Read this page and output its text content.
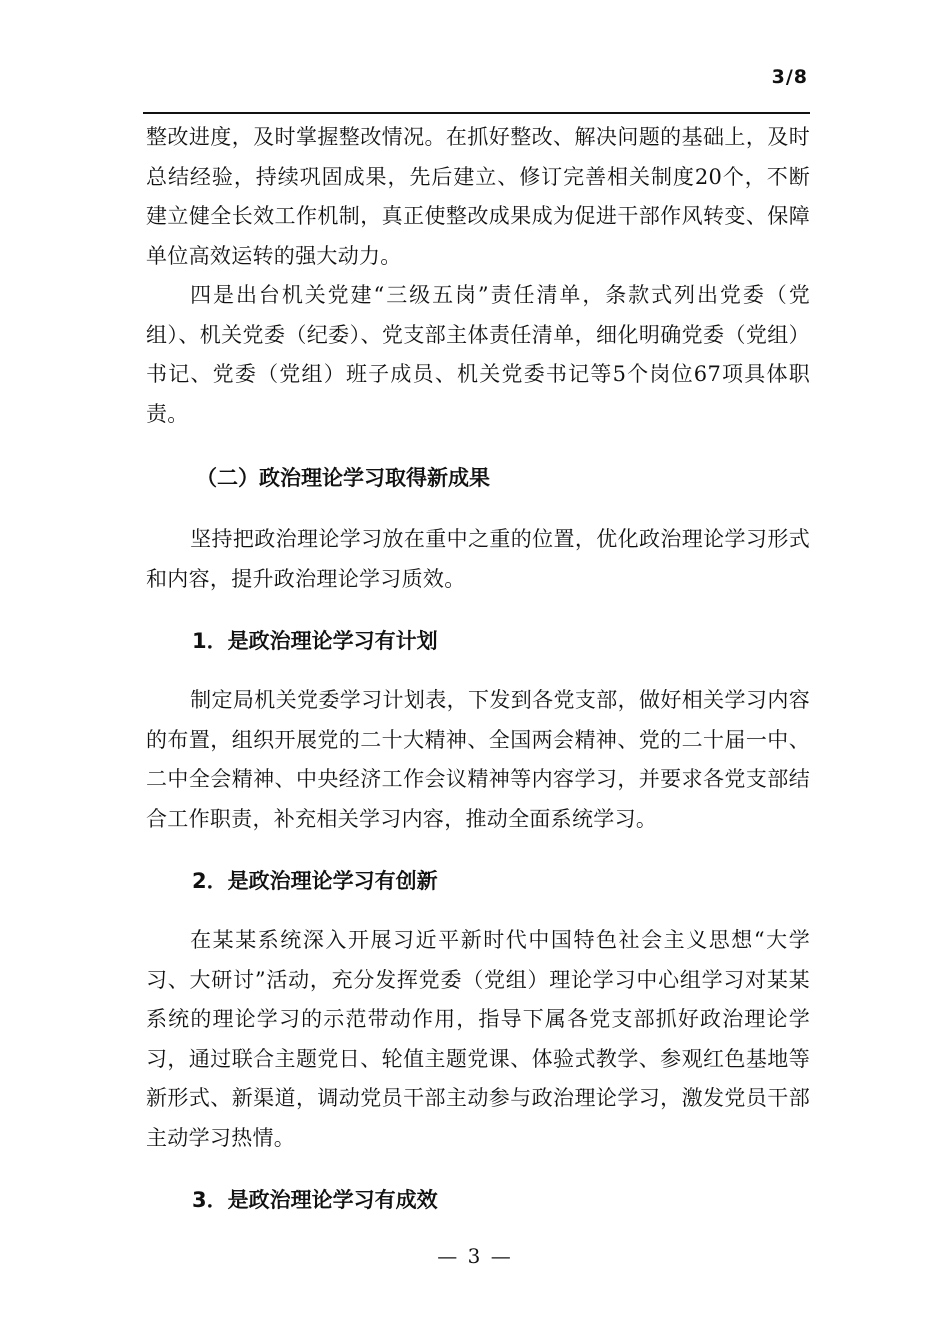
3/8

整改进度，及时掌握整改情况。在抓好整改、解决问题的基础上，及时总结经验，持续巩固成果，先后建立、修订完善相关制度20个，不断建立健全长效工作机制，真正使整改成果成为促进干部作风转变、保障单位高效运转的强大动力。

四是出台机关党建“三级五岗”责任清单，条款式列出党委（党组）、机关党委（纪委）、党支部主体责任清单，细化明确党委（党组）书记、党委（党组）班子成员、机关党委书记等5个岗位67项具体职责。

（二）政治理论学习取得新成果

坚持把政治理论学习放在重中之重的位置，优化政治理论学习形式和内容，提升政治理论学习质效。

1．是政治理论学习有计划

制定局机关党委学习计划表，下发到各党支部，做好相关学习内容的布置，组织开展党的二十大精神、全国两会精神、党的二十届一中、二中全会精神、中央经济工作会议精神等内容学习，并要求各党支部结合工作职责，补充相关学习内容，推动全面系统学习。

2．是政治理论学习有创新

在某某系统深入开展习近平新时代中国特色社会主义思想“大学习、大研讨”活动，充分发挥党委（党组）理论学习中心组学习对某某系统的理论学习的示范带动作用，指导下属各党支部抓好政治理论学习，通过联合主题党日、轮值主题党课、体验式教学、参观红色基地等新形式、新渠道，调动党员干部主动参与政治理论学习，激发党员干部主动学习热情。

3．是政治理论学习有成效
— 3 —
